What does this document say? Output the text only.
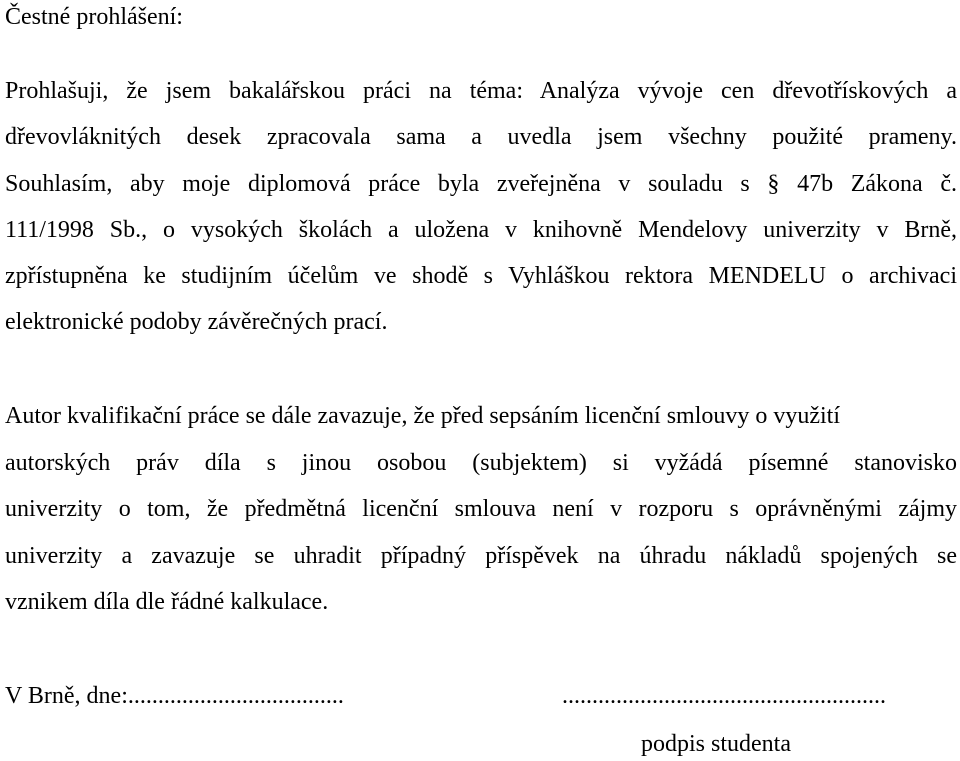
Čestné prohlášení:
Prohlašuji, že jsem bakalářskou práci na téma: Analýza vývoje cen dřevotřískových a
dřevovláknitých desek zpracovala sama a uvedla jsem všechny použité prameny.
Souhlasím, aby moje diplomová práce byla zveřejněna v souladu s § 47b Zákona č.
111/1998 Sb., o vysokých školách a uložena v knihovně Mendelovy univerzity v Brně,
zpřístupněna ke studijním účelům ve shodě s Vyhláškou rektora MENDELU o archivaci
elektronické podoby závěrečných prací.
Autor kvalifikační práce se dále zavazuje, že před sepsáním licenční smlouvy o využití
autorských práv díla s jinou osobou (subjektem) si vyžádá písemné stanovisko
univerzity o tom, že předmětná licenční smlouva není v rozporu s oprávněnými zájmy
univerzity a zavazuje se uhradit případný příspěvek na úhradu nákladů spojených se
vznikem díla dle řádné kalkulace.
V Brně, dne:....................................	......................................................
podpis studenta
